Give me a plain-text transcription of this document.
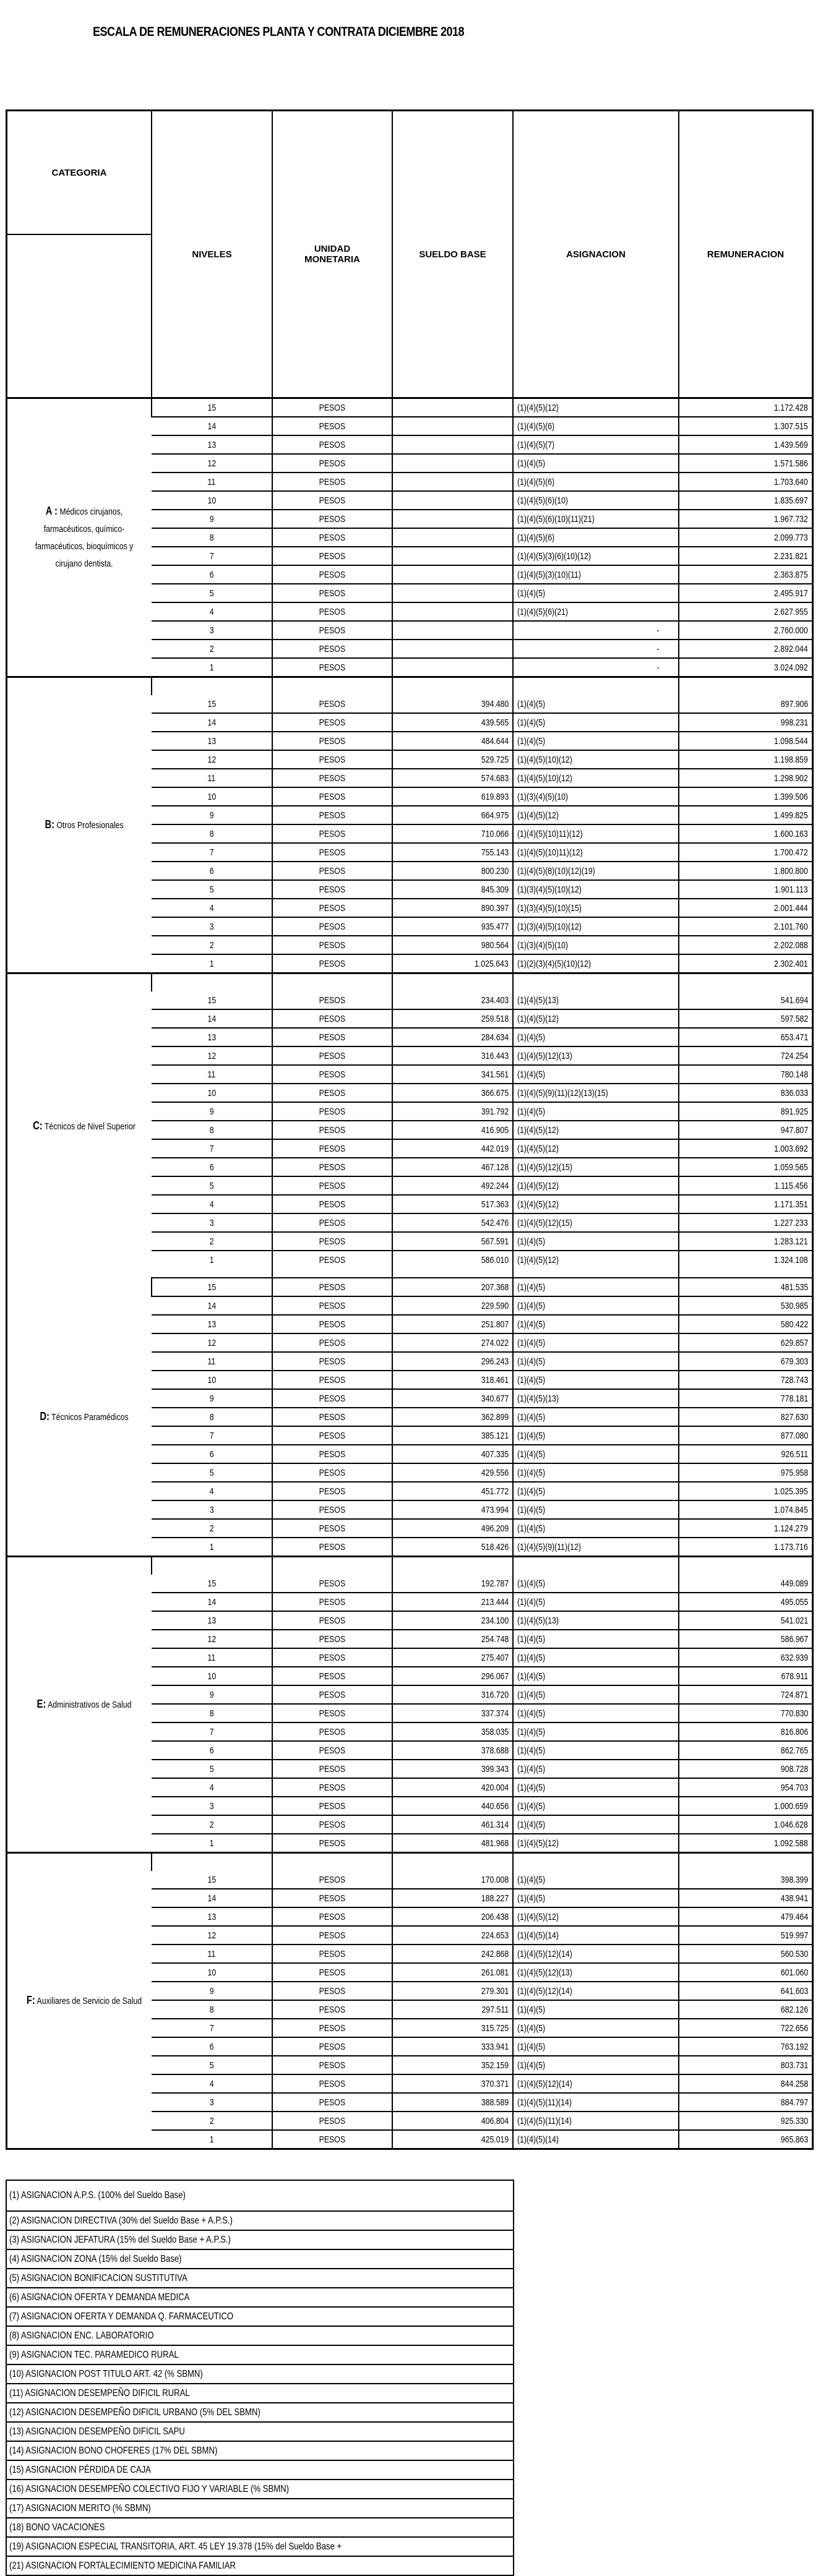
ESCALA DE REMUNERACIONES PLANTA Y CONTRATA DICIEMBRE 2018
CATEGORIA	NIVELES	UNIDAD MONETARIA	SUELDO BASE	ASIGNACION	REMUNERACION

A : Médicos cirujanos, farmacéuticos, químico-farmacéuticos, bioquímicos y cirujano dentista.	15	PESOS		(1)(4)(5)(12)	1.172.428
	14	PESOS		(1)(4)(5)(6)	1.307.515
	13	PESOS		(1)(4)(5)(7)	1.439.569
	12	PESOS		(1)(4)(5)	1.571.586
	11	PESOS		(1)(4)(5)(6)	1.703.640
	10	PESOS		(1)(4)(5)(6)(10)	1.835.697
	9	PESOS		(1)(4)(5)(6)(10)(11)(21)	1.967.732
	8	PESOS		(1)(4)(5)(6)	2.099.773
	7	PESOS		(1)(4)(5)(3)(6)(10)(12)	2.231.821
	6	PESOS		(1)(4)(5)(3)(10)(11)	2.363.875
	5	PESOS		(1)(4)(5)	2.495.917
	4	PESOS		(1)(4)(5)(6)(21)	2.627.955
	3	PESOS		-	2.760.000
	2	PESOS		-	2.892.044
	1	PESOS		-	3.024.092
B: Otros Profesionales					
	15	PESOS	394.480	(1)(4)(5)	897.906
	14	PESOS	439.565	(1)(4)(5)	998.231
	13	PESOS	484.644	(1)(4)(5)	1.098.544
	12	PESOS	529.725	(1)(4)(5)(10)(12)	1.198.859
	11	PESOS	574.683	(1)(4)(5)(10)(12)	1.298.902
	10	PESOS	619.893	(1)(3)(4)(5)(10)	1.399.506
	9	PESOS	664.975	(1)(4)(5)(12)	1.499.825
	8	PESOS	710.066	(1)(4)(5)(10)11)(12)	1.600.163
	7	PESOS	755.143	(1)(4)(5)(10)11)(12)	1.700.472
	6	PESOS	800.230	(1)(4)(5)(8)(10)(12)(19)	1.800.800
	5	PESOS	845.309	(1)(3)(4)(5)(10)(12)	1.901.113
	4	PESOS	890.397	(1)(3)(4)(5)(10)(15)	2.001.444
	3	PESOS	935.477	(1)(3)(4)(5)(10)(12)	2.101.760
	2	PESOS	980.564	(1)(3)(4)(5)(10)	2.202.088
	1	PESOS	1.025.643	(1)(2)(3)(4)(5)(10)(12)	2.302.401
C: Técnicos de Nivel Superior					
	15	PESOS	234.403	(1)(4)(5)(13)	541.694
	14	PESOS	259.518	(1)(4)(5)(12)	597.582
	13	PESOS	284.634	(1)(4)(5)	653.471
	12	PESOS	316.443	(1)(4)(5)(12)(13)	724.254
	11	PESOS	341.561	(1)(4)(5)	780.148
	10	PESOS	366.675	(1)(4)(5)(9)(11)(12)(13)(15)	836.033
	9	PESOS	391.792	(1)(4)(5)	891.925
	8	PESOS	416.905	(1)(4)(5)(12)	947.807
	7	PESOS	442.019	(1)(4)(5)(12)	1.003.692
	6	PESOS	467.128	(1)(4)(5)(12)(15)	1.059.565
	5	PESOS	492.244	(1)(4)(5)(12)	1.115.456
	4	PESOS	517.363	(1)(4)(5)(12)	1.171.351
	3	PESOS	542.476	(1)(4)(5)(12)(15)	1.227.233
	2	PESOS	567.591	(1)(4)(5)	1.283.121
	1	PESOS	586.010	(1)(4)(5)(12)	1.324.108

D: Técnicos Paramédicos	15	PESOS	207.368	(1)(4)(5)	481.535
	14	PESOS	229.590	(1)(4)(5)	530.985
	13	PESOS	251.807	(1)(4)(5)	580.422
	12	PESOS	274.022	(1)(4)(5)	629.857
	11	PESOS	296.243	(1)(4)(5)	679.303
	10	PESOS	318.461	(1)(4)(5)	728.743
	9	PESOS	340.677	(1)(4)(5)(13)	778.181
	8	PESOS	362.899	(1)(4)(5)	827.630
	7	PESOS	385.121	(1)(4)(5)	877.080
	6	PESOS	407.335	(1)(4)(5)	926.511
	5	PESOS	429.556	(1)(4)(5)	975.958
	4	PESOS	451.772	(1)(4)(5)	1.025.395
	3	PESOS	473.994	(1)(4)(5)	1.074.845
	2	PESOS	496.209	(1)(4)(5)	1.124.279
	1	PESOS	518.426	(1)(4)(5)(9)(11)(12)	1.173.716
E: Administrativos de Salud					
	15	PESOS	192.787	(1)(4)(5)	449.089
	14	PESOS	213.444	(1)(4)(5)	495.055
	13	PESOS	234.100	(1)(4)(5)(13)	541.021
	12	PESOS	254.748	(1)(4)(5)	586.967
	11	PESOS	275.407	(1)(4)(5)	632.939
	10	PESOS	296.067	(1)(4)(5)	678.911
	9	PESOS	316.720	(1)(4)(5)	724.871
	8	PESOS	337.374	(1)(4)(5)	770.830
	7	PESOS	358.035	(1)(4)(5)	816.806
	6	PESOS	378.688	(1)(4)(5)	862.765
	5	PESOS	399.343	(1)(4)(5)	908.728
	4	PESOS	420.004	(1)(4)(5)	954.703
	3	PESOS	440.656	(1)(4)(5)	1.000.659
	2	PESOS	461.314	(1)(4)(5)	1.046.628
	1	PESOS	481.968	(1)(4)(5)(12)	1.092.588
F: Auxiliares de Servicio de Salud					
	15	PESOS	170.008	(1)(4)(5)	398.399
	14	PESOS	188.227	(1)(4)(5)	438.941
	13	PESOS	206.438	(1)(4)(5)(12)	479.464
	12	PESOS	224.653	(1)(4)(5)(14)	519.997
	11	PESOS	242.868	(1)(4)(5)(12)(14)	560.530
	10	PESOS	261.081	(1)(4)(5)(12)(13)	601.060
	9	PESOS	279.301	(1)(4)(5)(12)(14)	641.603
	8	PESOS	297.511	(1)(4)(5)	682.126
	7	PESOS	315.725	(1)(4)(5)	722.656
	6	PESOS	333.941	(1)(4)(5)	763.192
	5	PESOS	352.159	(1)(4)(5)	803.731
	4	PESOS	370.371	(1)(4)(5)(12)(14)	844.258
	3	PESOS	388.589	(1)(4)(5)(11)(14)	884.797
	2	PESOS	406.804	(1)(4)(5)(11)(14)	925.330
	1	PESOS	425.019	(1)(4)(5)(14)	965.863
(1) ASIGNACION A.P.S. (100% del Sueldo Base)
(2) ASIGNACION DIRECTIVA (30% del Sueldo Base + A.P.S.)
(3) ASIGNACION JEFATURA (15% del Sueldo Base + A.P.S.)
(4) ASIGNACION ZONA (15% del Sueldo Base)
(5) ASIGNACION BONIFICACION SUSTITUTIVA
(6) ASIGNACION OFERTA Y DEMANDA MEDICA
(7) ASIGNACION OFERTA Y DEMANDA Q. FARMACEUTICO
(8) ASIGNACION ENC. LABORATORIO
(9) ASIGNACION TEC. PARAMEDICO RURAL
(10) ASIGNACION POST TITULO ART. 42 (% SBMN)
(11) ASIGNACION DESEMPEÑO DIFICIL RURAL
(12) ASIGNACION DESEMPEÑO DIFICIL URBANO (5% DEL SBMN)
(13) ASIGNACION DESEMPEÑO DIFICIL SAPU
(14) ASIGNACION BONO CHOFERES (17% DEL SBMN)
(15) ASIGNACION PÉRDIDA DE CAJA
(16) ASIGNACION DESEMPEÑO COLECTIVO FIJO Y VARIABLE (% SBMN)
(17) ASIGNACION MERITO (% SBMN)
(18) BONO VACACIONES
(19) ASIGNACION ESPECIAL TRANSITORIA, ART. 45 LEY 19.378 (15% del Sueldo Base +
(21) ASIGNACION FORTALECIMIENTO MEDICINA FAMILIAR
